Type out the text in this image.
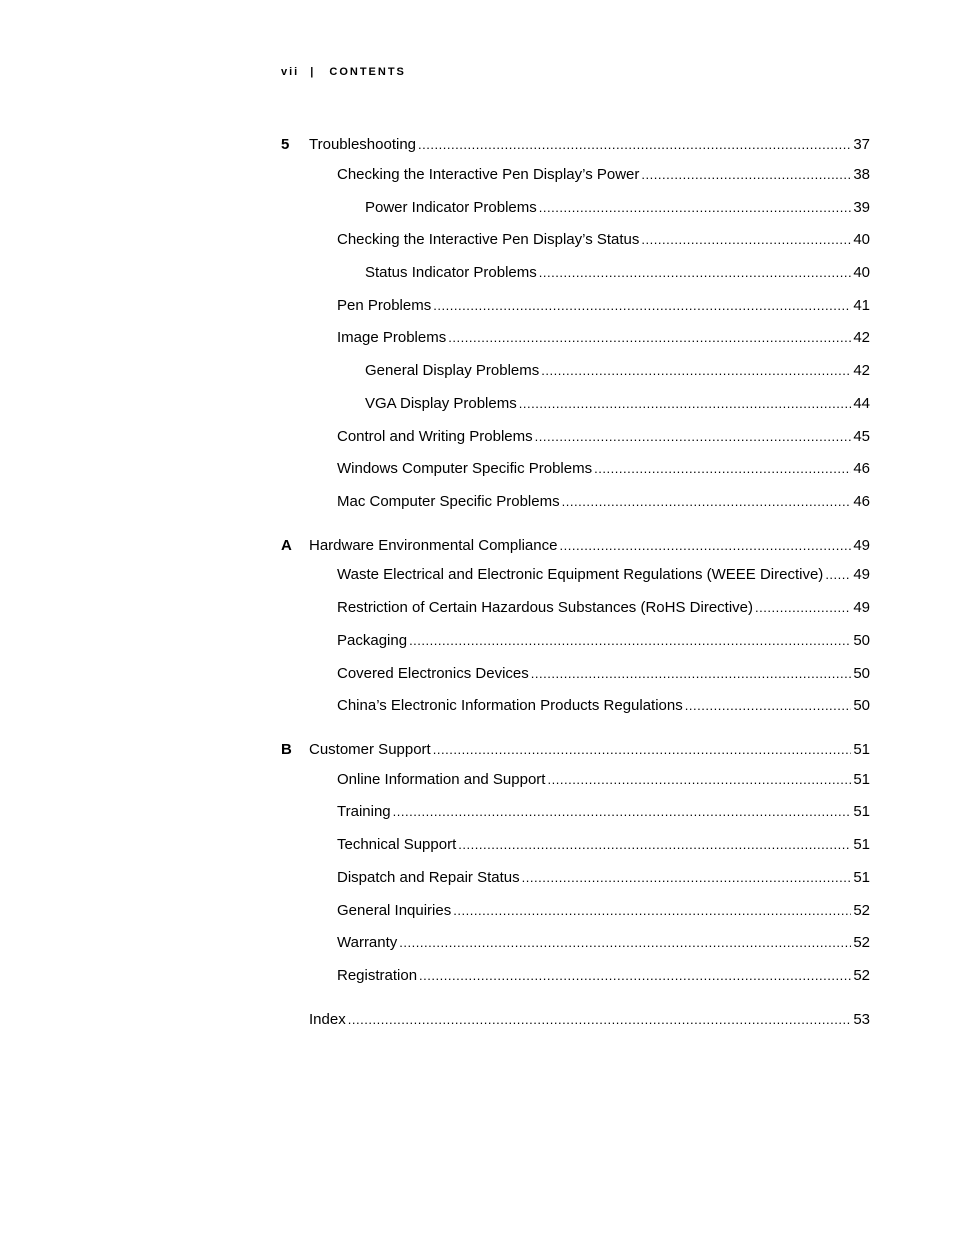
vii | CONTENTS
5 Troubleshooting . . .	37
Checking the Interactive Pen Display’s Power . . .	38
Power Indicator Problems . . .	39
Checking the Interactive Pen Display’s Status . . .	40
Status Indicator Problems . . .	40
Pen Problems . . .	41
Image Problems . . .	42
General Display Problems . . .	42
VGA Display Problems . . .	44
Control and Writing Problems . . .	45
Windows Computer Specific Problems . . .	46
Mac Computer Specific Problems . . .	46
A Hardware Environmental Compliance . . .	49
Waste Electrical and Electronic Equipment Regulations (WEEE Directive) . . . 49
Restriction of Certain Hazardous Substances (RoHS Directive) . . .	49
Packaging . . .	50
Covered Electronics Devices . . .	50
China’s Electronic Information Products Regulations . . .	50
B Customer Support . . .	51
Online Information and Support . . .	51
Training . . .	51
Technical Support . . .	51
Dispatch and Repair Status . . .	51
General Inquiries . . .	52
Warranty . . .	52
Registration . . .	52
Index . . .	53
